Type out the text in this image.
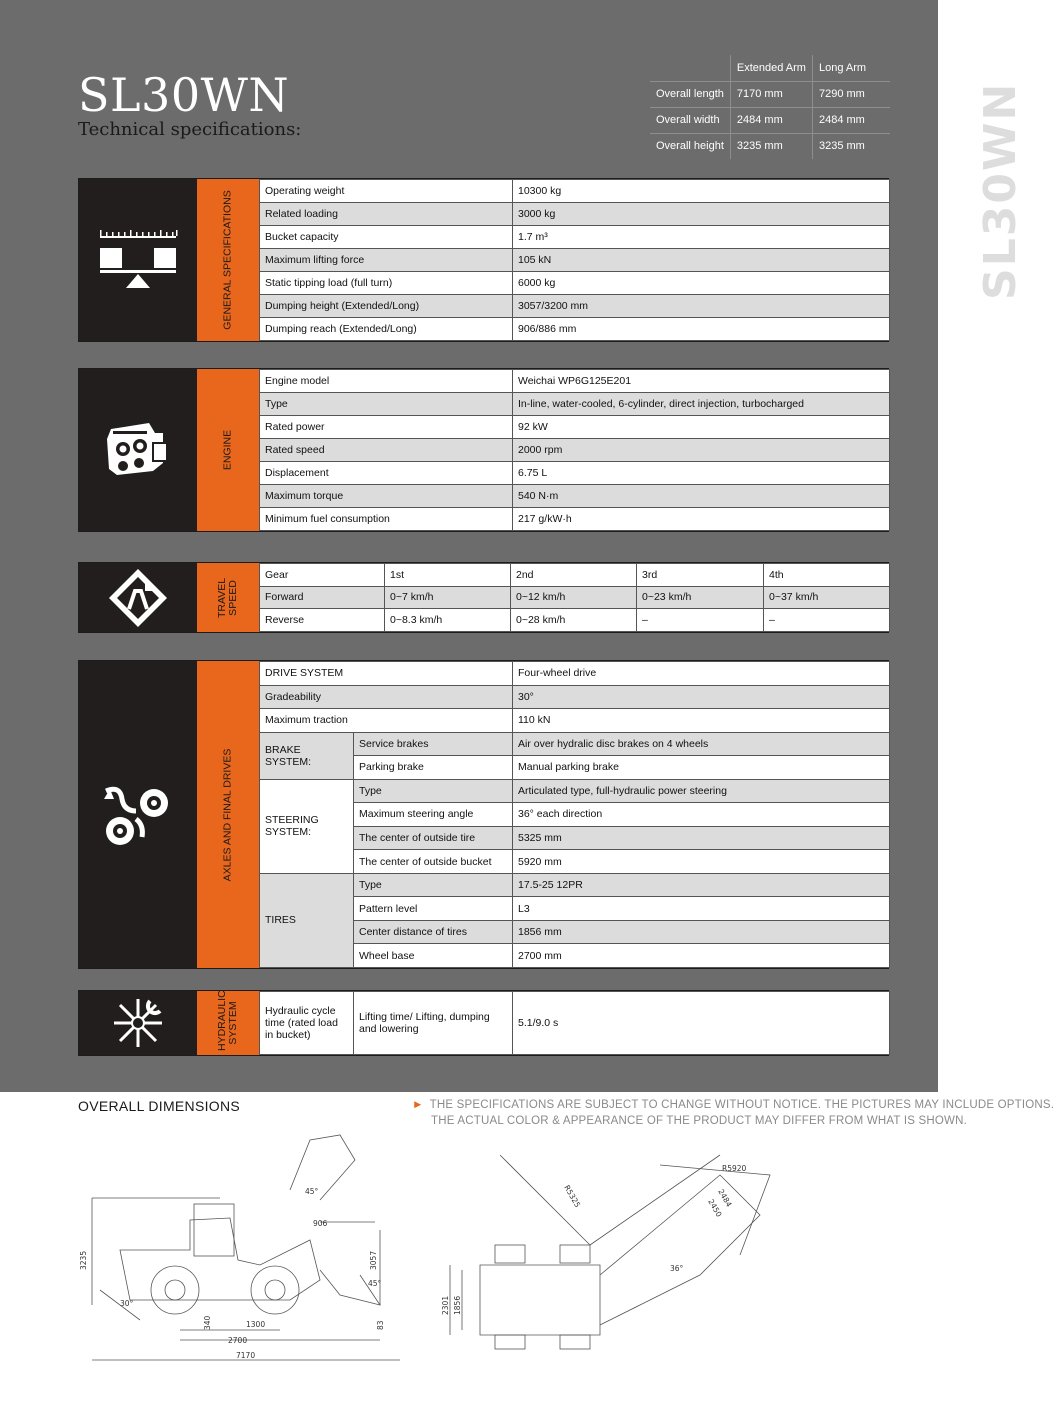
SL30WN
Technical specifications:	SL30WN
	Extended Arm	Long Arm
Overall length	7170 mm	7290 mm
Overall width	2484 mm	2484 mm
Overall height	3235 mm	3235 mm
GENERAL SPECIFICATIONS	Operating weight	10300 kg
Related loading	3000 kg
Bucket capacity	1.7 m³
Maximum lifting force	105 kN
Static tipping load (full turn)	6000 kg
Dumping height (Extended/Long)	3057/3200 mm
Dumping reach (Extended/Long)	906/886 mm
ENGINE
Engine model	Weichai WP6G125E201
Type	In-line, water-cooled, 6-cylinder, direct injection, turbocharged
Rated power	92 kW
Rated speed	2000 rpm
Displacement	6.75 L
Maximum torque	540 N·m
Minimum fuel consumption	217 g/kW·h
TRAVEL SPEED
Gear	1st	2nd	3rd	4th
Forward	0~7 km/h	0~12 km/h	0~23 km/h	0~37 km/h
Reverse	0~8.3 km/h	0~28 km/h	–	–
AXLES AND FINAL DRIVES
DRIVE SYSTEM		Four-wheel drive
Gradeability		30°
Maximum traction		110 kN
BRAKE SYSTEM:	Service brakes	Air over hydralic disc brakes on 4 wheels
	Parking brake	Manual parking brake
STEERING SYSTEM:	Type	Articulated type, full-hydraulic power steering
	Maximum steering angle	36° each direction
	The center of outside tire	5325 mm
	The center of outside bucket	5920 mm
TIRES	Type	17.5-25 12PR
	Pattern level	L3
	Center distance of tires	1856 mm
	Wheel base	2700 mm
HYDRAULIC SYSTEM Hydraulic cycle time (rated load in bucket)	Lifting time/ Lifting, dumping and lowering	5.1/9.0 s
OVERALL DIMENSIONS	► THE SPECIFICATIONS ARE SUBJECT TO CHANGE WITHOUT NOTICE. THE PICTURES MAY INCLUDE OPTIONS.
THE ACTUAL COLOR & APPEARANCE OF THE PRODUCT MAY DIFFER FROM WHAT IS SHOWN.
45°
906
3235	3057
45°
30°
340	1300
2700
7170
83
R5920
R5325	2484
2450
36°
2301 1856
